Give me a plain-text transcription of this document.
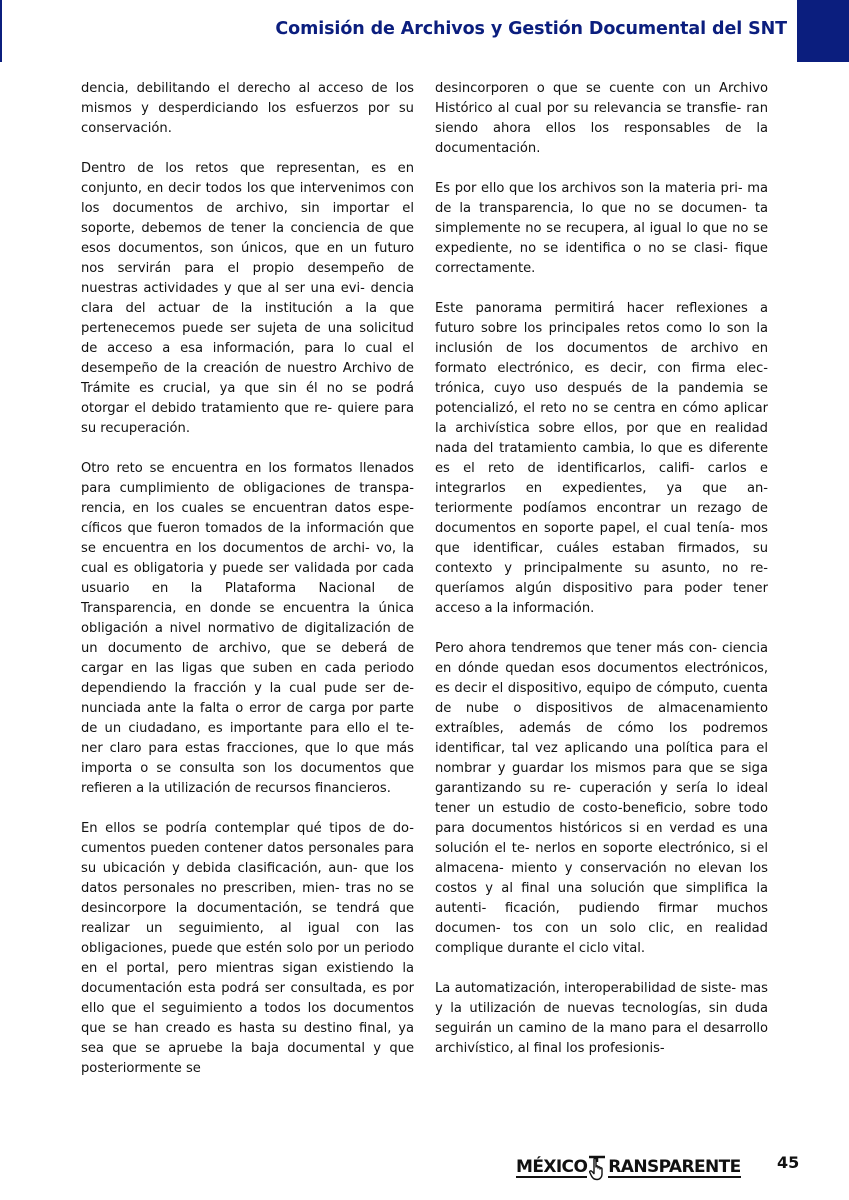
Comisión de Archivos y Gestión Documental del SNT

dencia, debilitando el derecho al acceso de los mismos y desperdiciando los esfuerzos por su conservación.

Dentro de los retos que representan, es en conjunto, en decir todos los que intervenimos con los documentos de archivo, sin importar el soporte, debemos de tener la conciencia de que esos documentos, son únicos, que en un futuro nos servirán para el propio desempeño de nuestras actividades y que al ser una evi- dencia clara del actuar de la institución a la que pertenecemos puede ser sujeta de una solicitud de acceso a esa información, para lo cual el desempeño de la creación de nuestro Archivo de Trámite es crucial, ya que sin él no se podrá otorgar el debido tratamiento que re- quiere para su recuperación.

Otro reto se encuentra en los formatos llenados para cumplimiento de obligaciones de transpa- rencia, en los cuales se encuentran datos espe- cíficos que fueron tomados de la información que se encuentra en los documentos de archi- vo, la cual es obligatoria y puede ser validada por cada usuario en la Plataforma Nacional de Transparencia, en donde se encuentra la única obligación a nivel normativo de digitalización de un documento de archivo, que se deberá de cargar en las ligas que suben en cada periodo dependiendo la fracción y la cual pude ser de- nunciada ante la falta o error de carga por parte de un ciudadano, es importante para ello el te- ner claro para estas fracciones, que lo que más importa o se consulta son los documentos que refieren a la utilización de recursos financieros.

En ellos se podría contemplar qué tipos de do- cumentos pueden contener datos personales para su ubicación y debida clasificación, aun- que los datos personales no prescriben, mien- tras no se desincorpore la documentación, se tendrá que realizar un seguimiento, al igual con las obligaciones, puede que estén solo por un periodo en el portal, pero mientras sigan existiendo la documentación esta podrá ser consultada, es por ello que el seguimiento a todos los documentos que se han creado es hasta su destino final, ya sea que se apruebe la baja documental y que posteriormente se

desincorporen o que se cuente con un Archivo Histórico al cual por su relevancia se transfie- ran siendo ahora ellos los responsables de la documentación.

Es por ello que los archivos son la materia pri- ma de la transparencia, lo que no se documen- ta simplemente no se recupera, al igual lo que no se expediente, no se identifica o no se clasi- fique correctamente.

Este panorama permitirá hacer reflexiones a futuro sobre los principales retos como lo son la inclusión de los documentos de archivo en formato electrónico, es decir, con firma elec- trónica, cuyo uso después de la pandemia se potencializó, el reto no se centra en cómo aplicar la archivística sobre ellos, por que en realidad nada del tratamiento cambia, lo que es diferente es el reto de identificarlos, califi- carlos e integrarlos en expedientes, ya que an- teriormente podíamos encontrar un rezago de documentos en soporte papel, el cual tenía- mos que identificar, cuáles estaban firmados, su contexto y principalmente su asunto, no re- queríamos algún dispositivo para poder tener acceso a la información.

Pero ahora tendremos que tener más con- ciencia en dónde quedan esos documentos electrónicos, es decir el dispositivo, equipo de cómputo, cuenta de nube o dispositivos de almacenamiento extraíbles, además de cómo los podremos identificar, tal vez aplicando una política para el nombrar y guardar los mismos para que se siga garantizando su re- cuperación y sería lo ideal tener un estudio de costo-beneficio, sobre todo para documentos históricos si en verdad es una solución el te- nerlos en soporte electrónico, si el almacena- miento y conservación no elevan los costos y al final una solución que simplifica la autenti- ficación, pudiendo firmar muchos documen- tos con un solo clic, en realidad complique durante el ciclo vital.

La automatización, interoperabilidad de siste- mas y la utilización de nuevas tecnologías, sin duda seguirán un camino de la mano para el desarrollo archivístico, al final los profesionis-

MÉXICO RANSPARENTE 45
